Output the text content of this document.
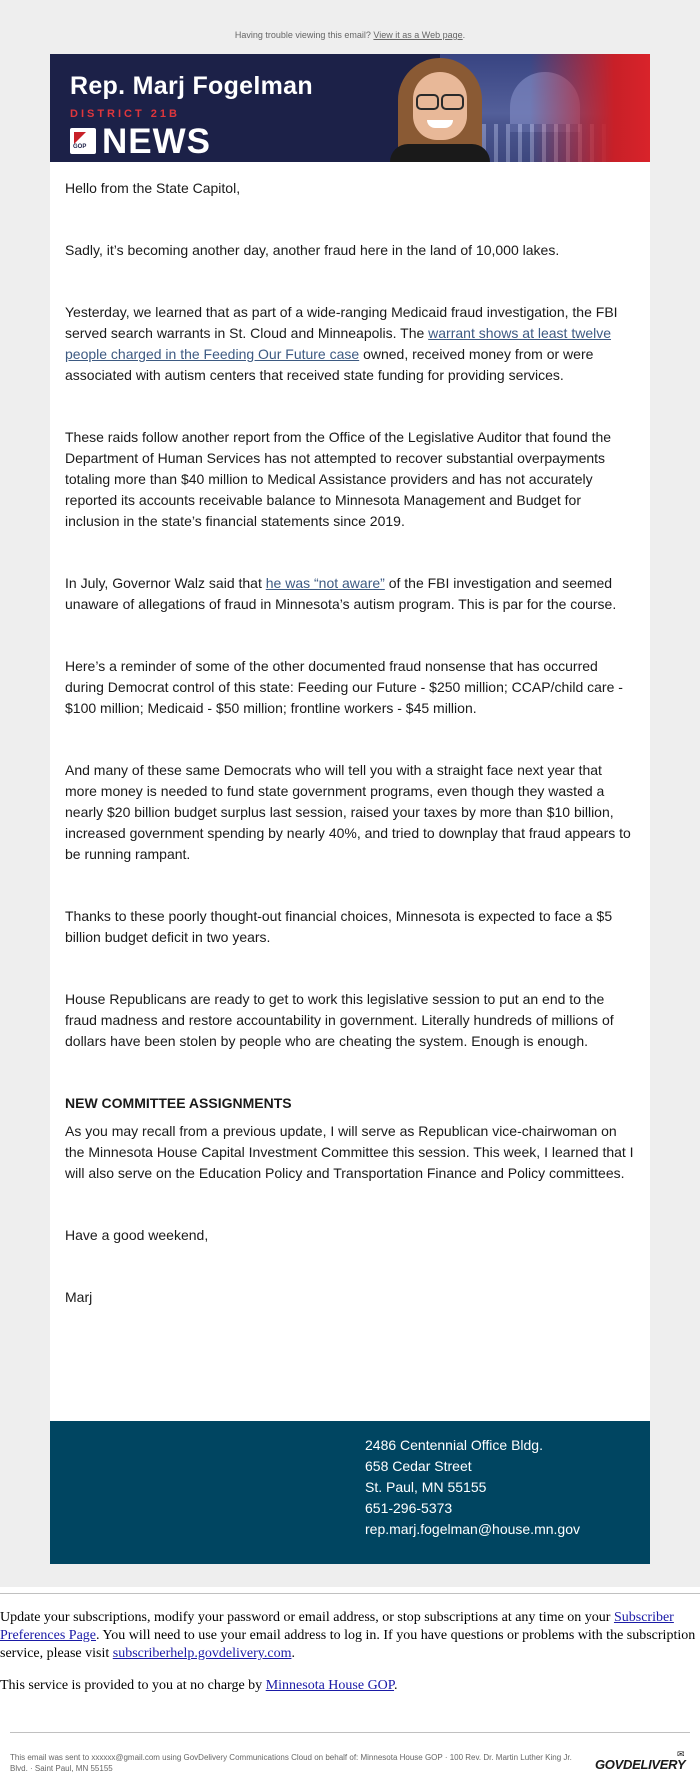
Having trouble viewing this email? View it as a Web page.
Rep. Marj Fogelman
DISTRICT 21B
GOP NEWS

Hello from the State Capitol,

Sadly, it’s becoming another day, another fraud here in the land of 10,000 lakes.

Yesterday, we learned that as part of a wide-ranging Medicaid fraud investigation, the FBI served search warrants in St. Cloud and Minneapolis. The warrant shows at least twelve people charged in the Feeding Our Future case owned, received money from or were associated with autism centers that received state funding for providing services.

These raids follow another report from the Office of the Legislative Auditor that found the Department of Human Services has not attempted to recover substantial overpayments totaling more than $40 million to Medical Assistance providers and has not accurately reported its accounts receivable balance to Minnesota Management and Budget for inclusion in the state’s financial statements since 2019.

In July, Governor Walz said that he was “not aware” of the FBI investigation and seemed unaware of allegations of fraud in Minnesota’s autism program. This is par for the course.

Here’s a reminder of some of the other documented fraud nonsense that has occurred during Democrat control of this state: Feeding our Future - $250 million; CCAP/child care - $100 million; Medicaid - $50 million; frontline workers - $45 million.

And many of these same Democrats who will tell you with a straight face next year that more money is needed to fund state government programs, even though they wasted a nearly $20 billion budget surplus last session, raised your taxes by more than $10 billion, increased government spending by nearly 40%, and tried to downplay that fraud appears to be running rampant.

Thanks to these poorly thought-out financial choices, Minnesota is expected to face a $5 billion budget deficit in two years.

House Republicans are ready to get to work this legislative session to put an end to the fraud madness and restore accountability in government. Literally hundreds of millions of dollars have been stolen by people who are cheating the system. Enough is enough.

NEW COMMITTEE ASSIGNMENTS

As you may recall from a previous update, I will serve as Republican vice-chairwoman on the Minnesota House Capital Investment Committee this session. This week, I learned that I will also serve on the Education Policy and Transportation Finance and Policy committees.

Have a good weekend,

Marj

2486 Centennial Office Bldg.
658 Cedar Street
St. Paul, MN 55155
651-296-5373
rep.marj.fogelman@house.mn.gov

Update your subscriptions, modify your password or email address, or stop subscriptions at any time on your Subscriber Preferences Page. You will need to use your email address to log in. If you have questions or problems with the subscription service, please visit subscriberhelp.govdelivery.com.

This service is provided to you at no charge by Minnesota House GOP.

This email was sent to xxxxxx@gmail.com using GovDelivery Communications Cloud on behalf of: Minnesota House GOP · 100 Rev. Dr. Martin Luther King Jr. Blvd. · Saint Paul, MN 55155	GOVDELIVERY
✉
